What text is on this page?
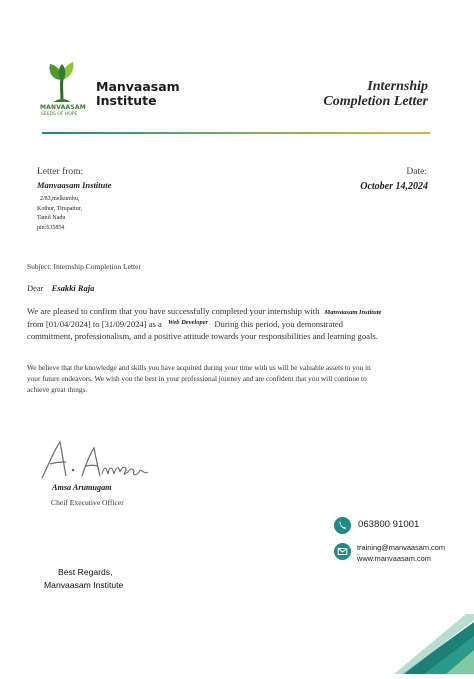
MANVAASAM
SEEDS OF HOPE
Manvaasam Institute
Internship
Completion Letter
Letter from:
Manvaasam Institute
2/83,melkumbu,
Kothur, Tirupattur,
Tamil Nadu
pin:635854
Date:
October 14,2024
Subject: Internship Completion Letter
Dear Esakki Raja
We are pleased to confirm that you have successfully completed your internship with Manvaasam Institute
from [01/04/2024] to [31/09/2024] as a $^{Web Developer}$ During this period, you demonstrated
commitment, professionalism, and a positive attitude towards your responsibilities and learning goals.
We believe that the knowledge and skills you have acquired during your time with us will be valuable assets to you in
your future endeavors. We wish you the best in your professional journey and are confident that you will continue to
achieve great things.
Amsa Arumugam
Cheif Executive Officer
063800 91001
training@manvaasam.com
www.manvaasam.com
Best Regards,
Manvaasam Institute
